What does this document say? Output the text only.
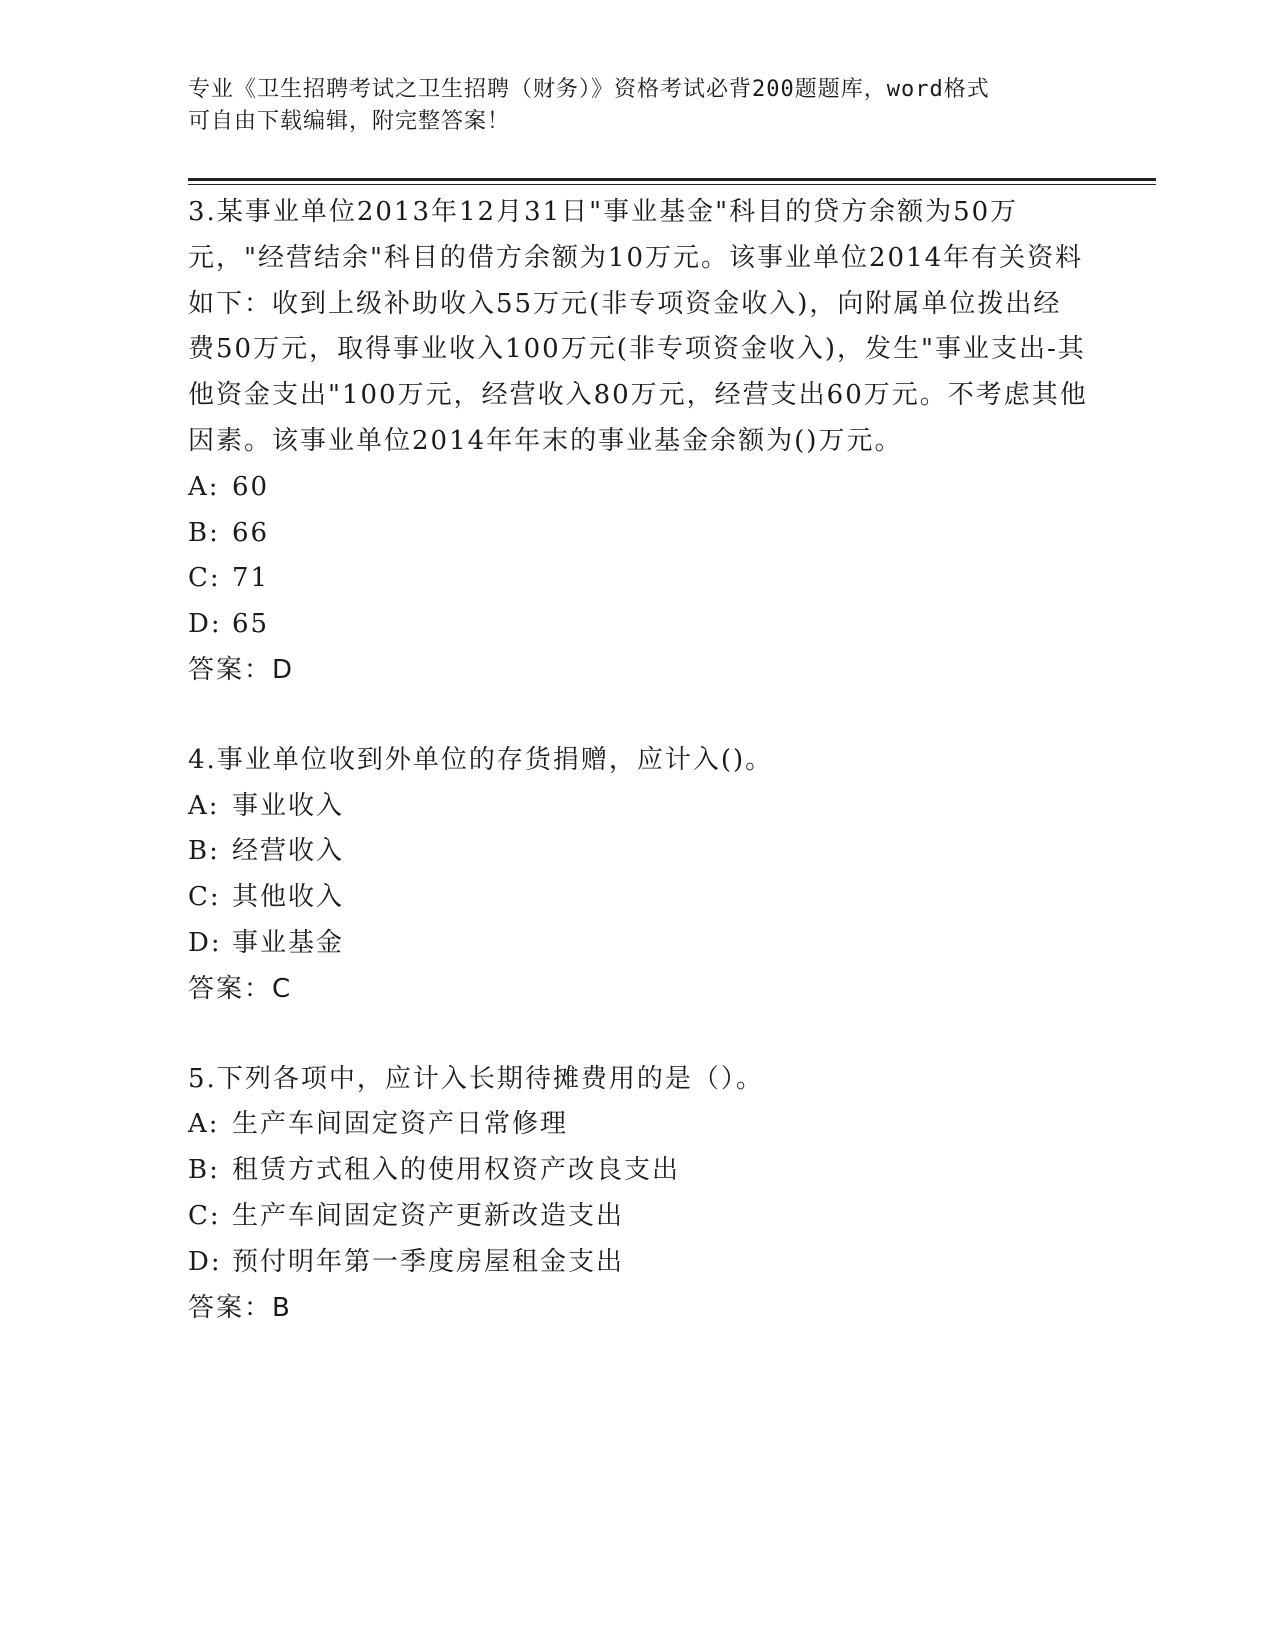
专业《卫生招聘考试之卫生招聘（财务）》资格考试必背200题题库，word格式
可自由下载编辑，附完整答案！
3.某事业单位2013年12月31日"事业基金"科目的贷方余额为50万元，"经营结余"科目的借方余额为10万元。该事业单位2014年有关资料如下：收到上级补助收入55万元(非专项资金收入)，向附属单位拨出经费50万元，取得事业收入100万元(非专项资金收入)，发生"事业支出-其他资金支出"100万元，经营收入80万元，经营支出60万元。不考虑其他因素。该事业单位2014年年末的事业基金余额为()万元。
A: 60
B: 66
C: 71
D: 65
答案：D
4.事业单位收到外单位的存货捐赠，应计入()。
A: 事业收入
B: 经营收入
C: 其他收入
D: 事业基金
答案：C
5.下列各项中，应计入长期待摊费用的是（）。
A: 生产车间固定资产日常修理
B: 租赁方式租入的使用权资产改良支出
C: 生产车间固定资产更新改造支出
D: 预付明年第一季度房屋租金支出
答案：B
